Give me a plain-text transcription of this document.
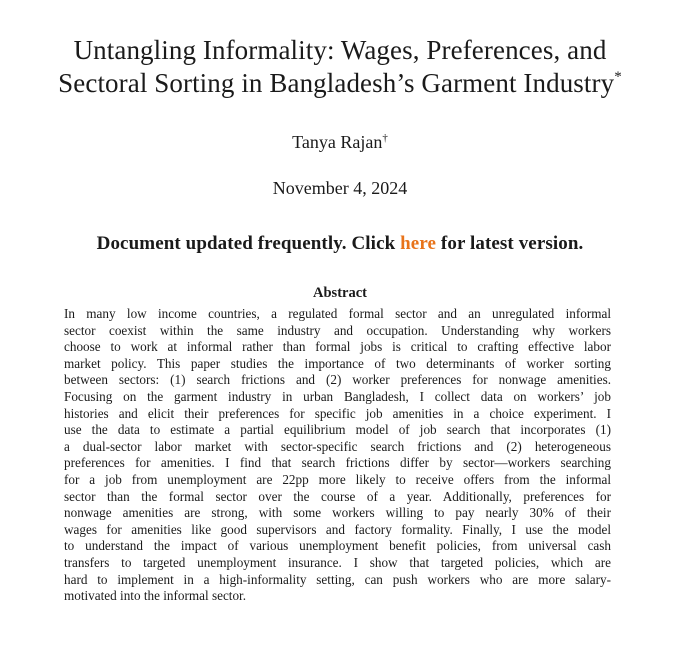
Untangling Informality: Wages, Preferences, and
Sectoral Sorting in Bangladesh’s Garment Industry*
Tanya Rajan†
November 4, 2024
Document updated frequently. Click here for latest version.
Abstract
In many low income countries, a regulated formal sector and an unregulated informal
sector coexist within the same industry and occupation. Understanding why workers
choose to work at informal rather than formal jobs is critical to crafting effective labor
market policy. This paper studies the importance of two determinants of worker sorting
between sectors: (1) search frictions and (2) worker preferences for nonwage amenities.
Focusing on the garment industry in urban Bangladesh, I collect data on workers’ job
histories and elicit their preferences for specific job amenities in a choice experiment. I
use the data to estimate a partial equilibrium model of job search that incorporates (1)
a dual-sector labor market with sector-specific search frictions and (2) heterogeneous
preferences for amenities. I find that search frictions differ by sector—workers searching
for a job from unemployment are 22pp more likely to receive offers from the informal
sector than the formal sector over the course of a year. Additionally, preferences for
nonwage amenities are strong, with some workers willing to pay nearly 30% of their
wages for amenities like good supervisors and factory formality. Finally, I use the model
to understand the impact of various unemployment benefit policies, from universal cash
transfers to targeted unemployment insurance. I show that targeted policies, which are
hard to implement in a high-informality setting, can push workers who are more salary-
motivated into the informal sector.
